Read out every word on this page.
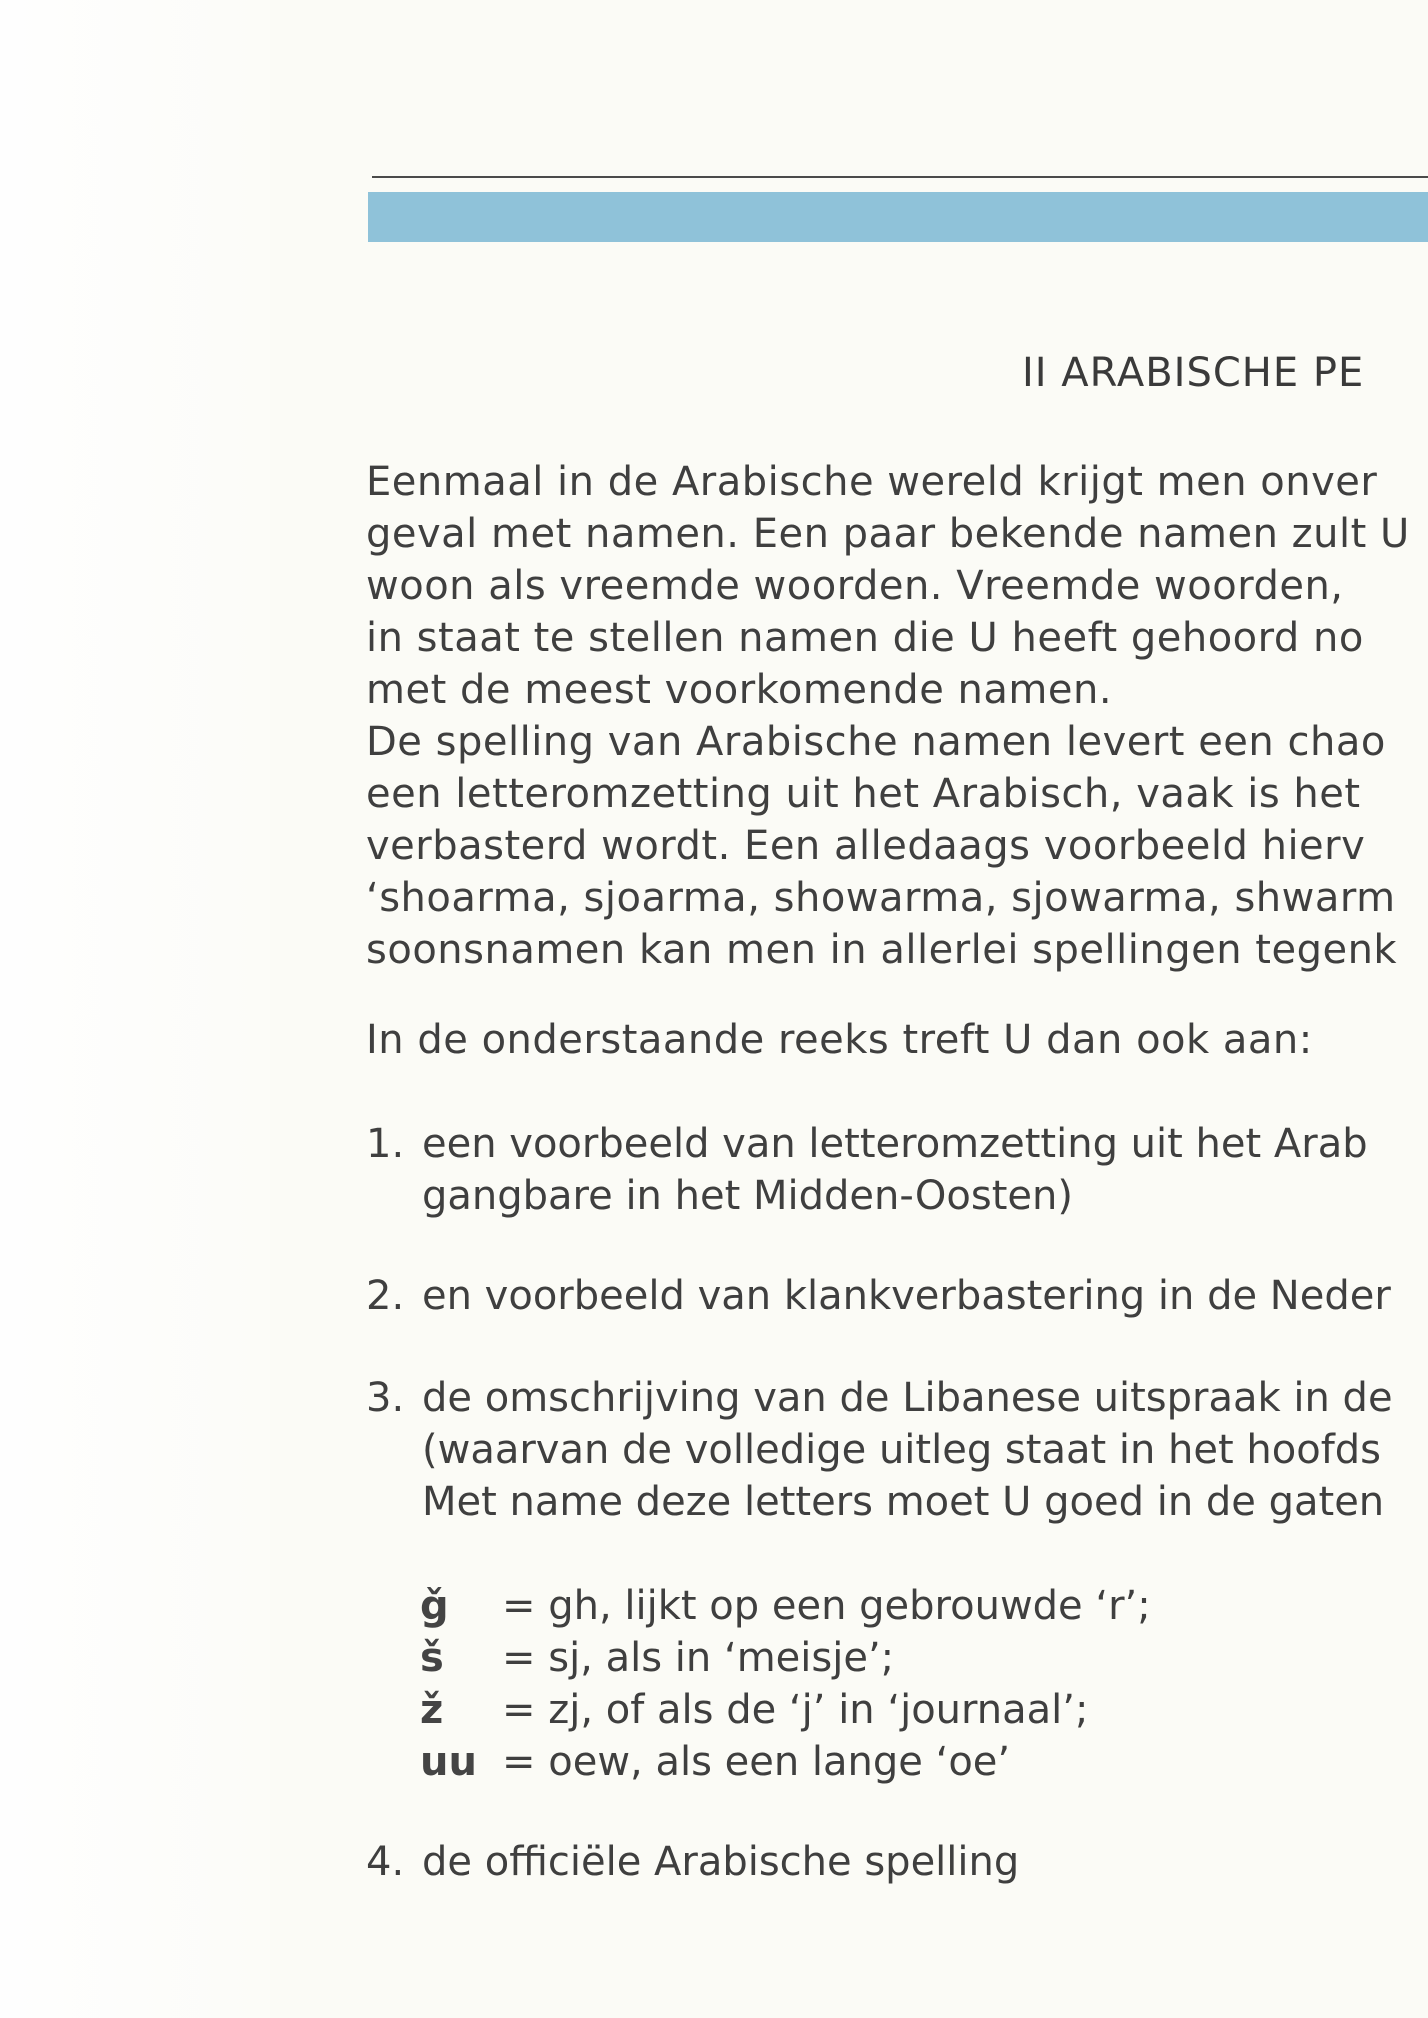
II ARABISCHE PE
Eenmaal in de Arabische wereld krijgt men onver
geval met namen. Een paar bekende namen zult U
woon als vreemde woorden. Vreemde woorden,
in staat te stellen namen die U heeft gehoord no
met de meest voorkomende namen.
De spelling van Arabische namen levert een chao
een letteromzetting uit het Arabisch, vaak is het
verbasterd wordt. Een alledaags voorbeeld hierv
‘shoarma, sjoarma, showarma, sjowarma, shwarm
soonsnamen kan men in allerlei spellingen tegenk
In de onderstaande reeks treft U dan ook aan:
1. een voorbeeld van letteromzetting uit het Arab
gangbare in het Midden-Oosten)
2. en voorbeeld van klankverbastering in de Neder
3. de omschrijving van de Libanese uitspraak in de
(waarvan de volledige uitleg staat in het hoofds
Met name deze letters moet U goed in de gaten
ǧ = gh, lijkt op een gebrouwde ‘r’;
š = sj, als in ‘meisje’;
ž = zj, of als de ‘j’ in ‘journaal’;
uu = oew, als een lange ‘oe’
4. de officiële Arabische spelling
